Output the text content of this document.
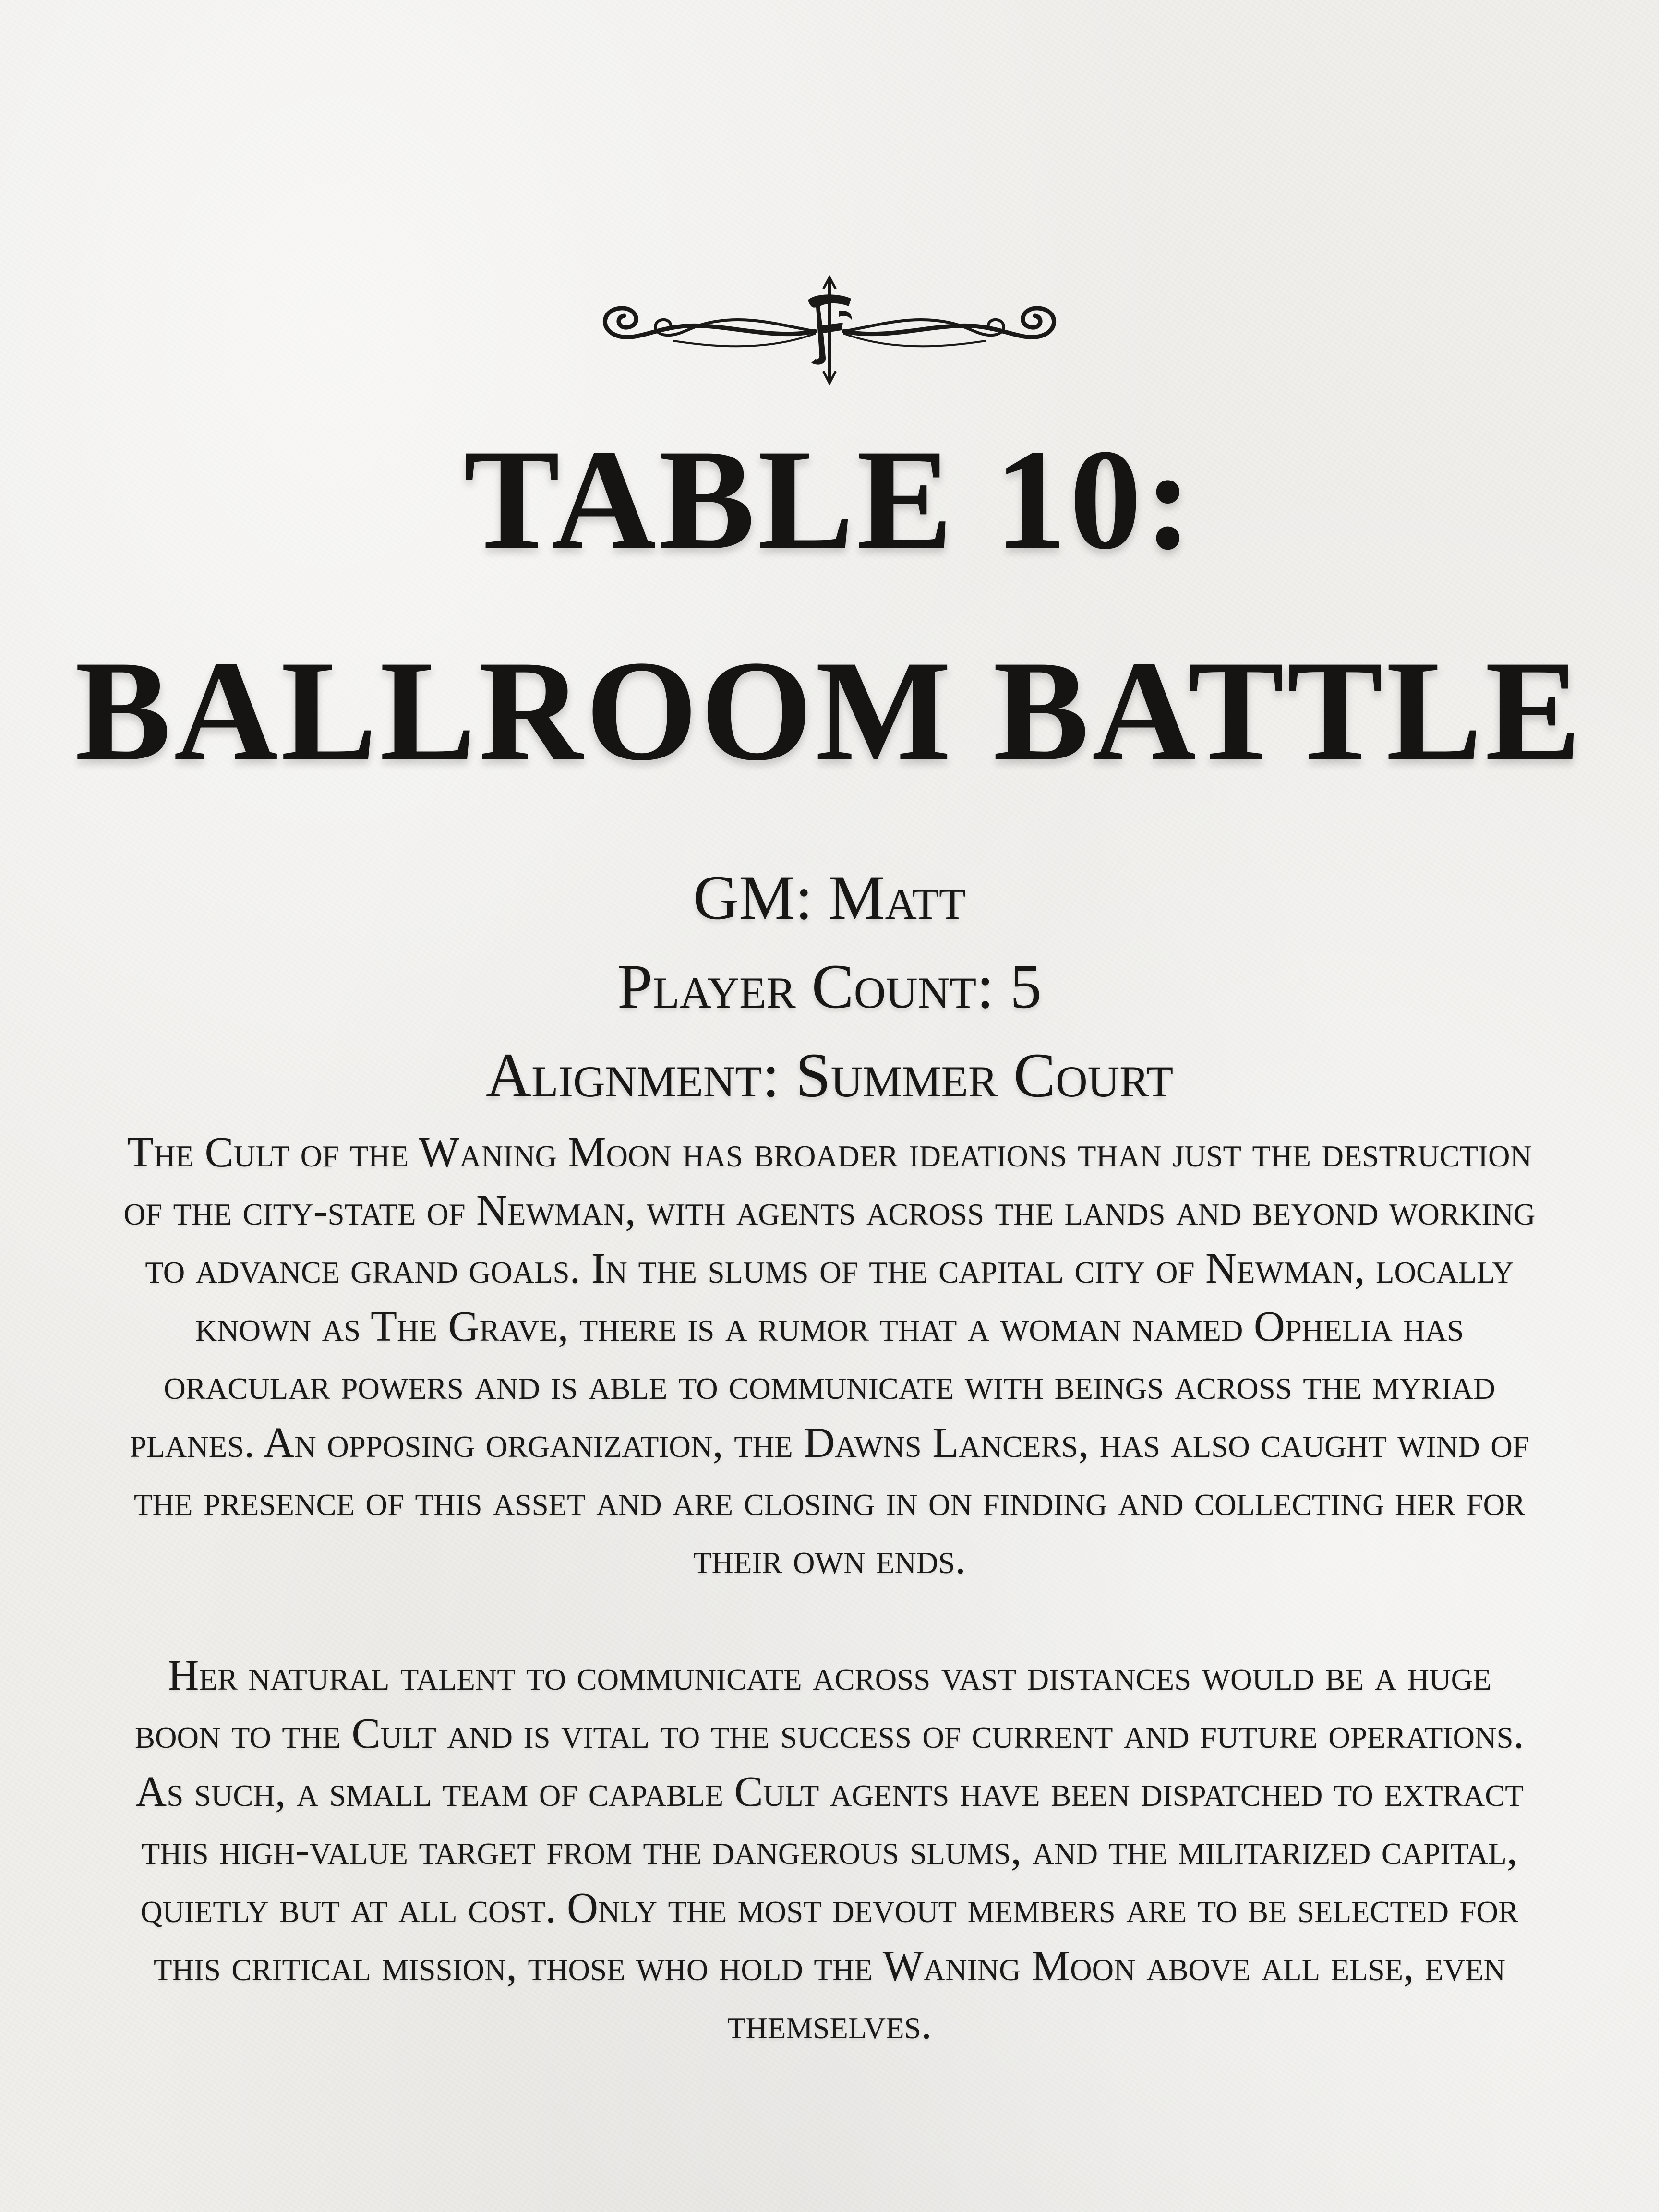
TABLE 10:
BALLROOM BATTLE
GM: Matt
Player Count: 5
Alignment: Summer Court

The Cult of the Waning Moon has broader ideations than just the destruction of the city-state of Newman, with agents across the lands and beyond working to advance grand goals. In the slums of the capital city of Newman, locally known as The Grave, there is a rumor that a woman named Ophelia has oracular powers and is able to communicate with beings across the myriad planes. An opposing organization, the Dawns Lancers, has also caught wind of the presence of this asset and are closing in on finding and collecting her for their own ends.

Her natural talent to communicate across vast distances would be a huge boon to the Cult and is vital to the success of current and future operations. As such, a small team of capable Cult agents have been dispatched to extract this high-value target from the dangerous slums, and the militarized capital, quietly but at all cost. Only the most devout members are to be selected for this critical mission, those who hold the Waning Moon above all else, even themselves.
